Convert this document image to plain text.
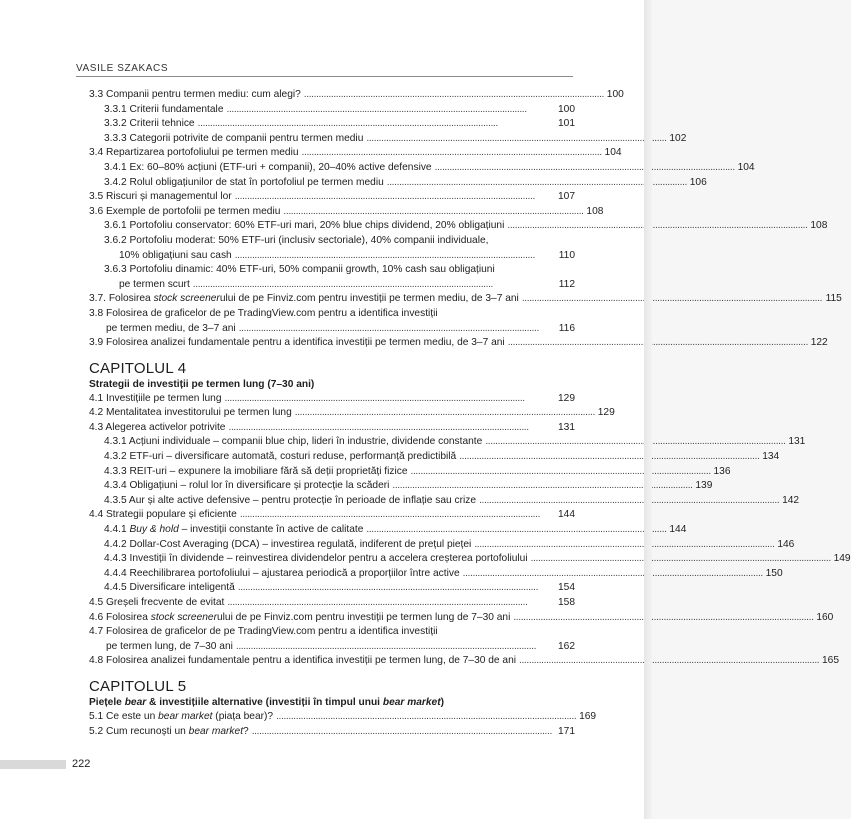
VASILE SZAKACS
3.3 Companii pentru termen mediu: cum alegi? . . .	100
3.3.1 Criterii fundamentale . . .	100
3.3.2 Criterii tehnice . . .	101
3.3.3 Categorii potrivite de companii pentru termen mediu . . .	102
3.4 Repartizarea portofoliului pe termen mediu . . .	104
3.4.1 Ex: 60–80% acțiuni (ETF-uri + companii), 20–40% active defensive . . .	104
3.4.2 Rolul obligațiunilor de stat în portofoliul pe termen mediu . . .	106
3.5 Riscuri și managementul lor . . .	107
3.6 Exemple de portofolii pe termen mediu . . .	108
3.6.1 Portofoliu conservator: 60% ETF-uri mari, 20% blue chips dividend, 20% obligațiuni . . .	108
3.6.2 Portofoliu moderat: 50% ETF-uri (inclusiv sectoriale), 40% companii individuale,
10% obligațiuni sau cash . . .	110
3.6.3 Portofoliu dinamic: 40% ETF-uri, 50% companii growth, 10% cash sau obligațiuni
pe termen scurt . . .	112
3.7. Folosirea stock screenerului de pe Finviz.com pentru investiții pe termen mediu, de 3–7 ani . . .	115
3.8 Folosirea de graficelor de pe TradingView.com pentru a identifica investiții
pe termen mediu, de 3–7 ani . . .	116
3.9 Folosirea analizei fundamentale pentru a identifica investiții pe termen mediu, de 3–7 ani . . .	122
CAPITOLUL 4
Strategii de investiții pe termen lung (7–30 ani)
4.1 Investițiile pe termen lung . . .	129
4.2 Mentalitatea investitorului pe termen lung . . .	129
4.3 Alegerea activelor potrivite . . .	131
4.3.1 Acțiuni individuale – companii blue chip, lideri în industrie, dividende constante . . .	131
4.3.2 ETF-uri – diversificare automată, costuri reduse, performanță predictibilă . . .	134
4.3.3 REIT-uri – expunere la imobiliare fără să deții proprietăți fizice . . .	136
4.3.4 Obligațiuni – rolul lor în diversificare și protecție la scăderi . . .	139
4.3.5 Aur și alte active defensive – pentru protecție în perioade de inflație sau crize . . .	142
4.4 Strategii populare și eficiente . . .	144
4.4.1 Buy & hold – investiții constante în active de calitate . . .	144
4.4.2 Dollar-Cost Averaging (DCA) – investirea regulată, indiferent de prețul pieței . . .	146
4.4.3 Investiții în dividende – reinvestirea dividendelor pentru a accelera creșterea portofoliului . . .	149
4.4.4 Reechilibrarea portofoliului – ajustarea periodică a proporțiilor între active . . .	150
4.4.5 Diversificare inteligentă . . .	154
4.5 Greșeli frecvente de evitat . . .	158
4.6 Folosirea stock screenerului de pe Finviz.com pentru investiții pe termen lung de 7–30 ani . . .	160
4.7 Folosirea de graficelor de pe TradingView.com pentru a identifica investiții
pe termen lung, de 7–30 ani . . .	162
4.8 Folosirea analizei fundamentale pentru a identifica investiții pe termen lung, de 7–30 de ani . . .	165
CAPITOLUL 5
Piețele bear & investițiile alternative (investiții în timpul unui bear market)
5.1 Ce este un bear market (piața bear)? . . .	169
5.2 Cum recunoști un bear market? . . .	171
222
